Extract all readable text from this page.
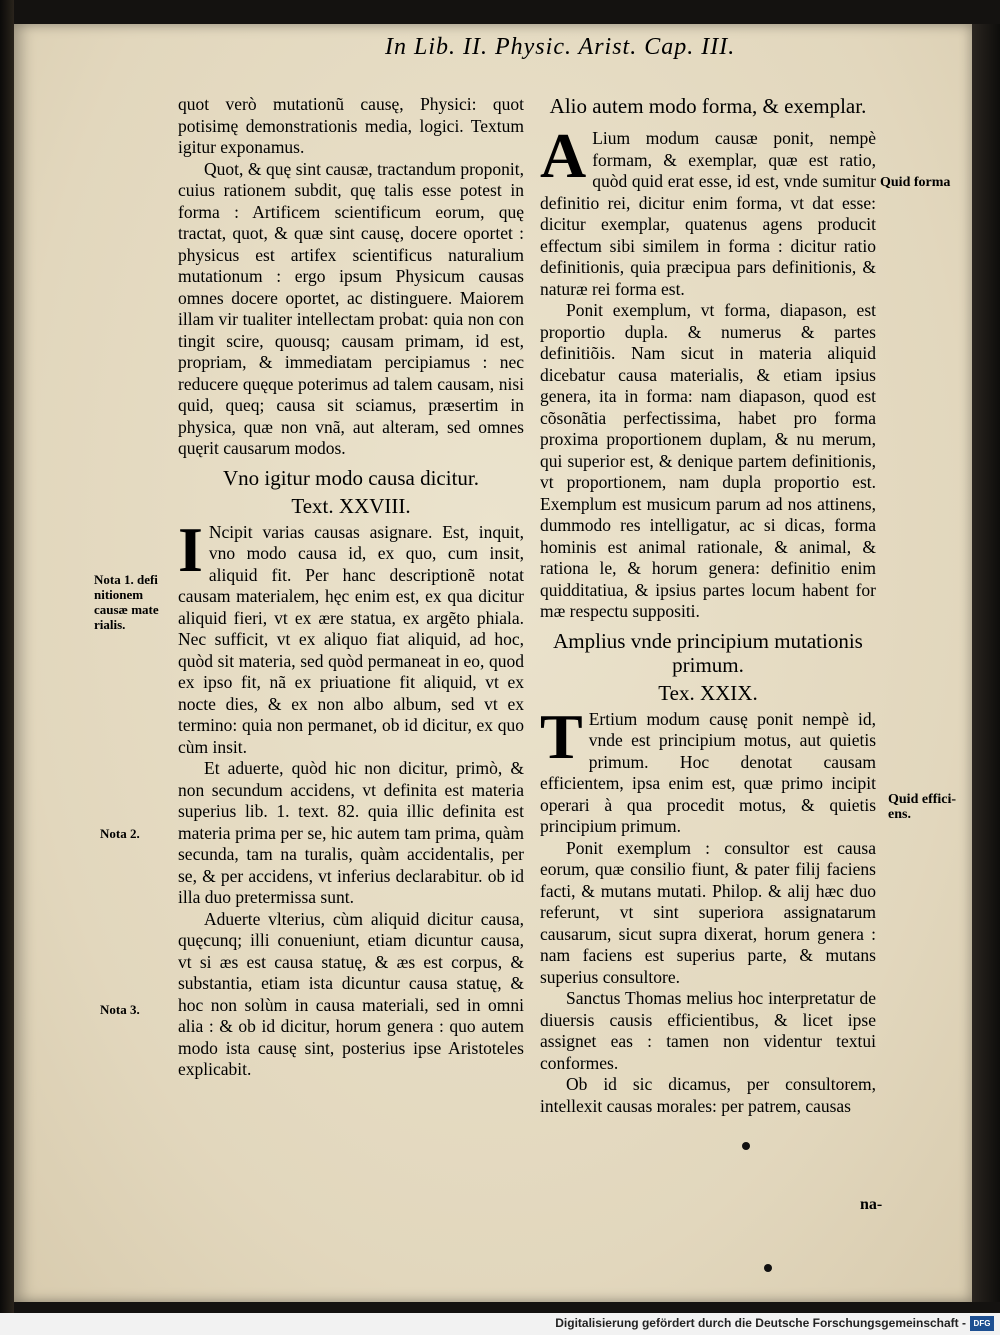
In Lib. II. Physic. Arist. Cap. III.

quot verò mutationũ causę, Physici: quot potisimę demonstrationis media, logici. Textum igitur exponamus.

Quot, & quę sint causæ, tractandum proponit, cuius rationem subdit, quę talis esse potest in forma : Artificem scientificum eorum, quę tractat, quot, & quæ sint causę, docere oportet : physicus est artifex scientificus naturalium mutationum : ergo ipsum Physicum causas omnes docere oportet, ac distinguere. Maiorem illam vir tualiter intellectam probat: quia non con tingit scire, quousq; causam primam, id est, propriam, & immediatam percipiamus : nec reducere quęque poterimus ad talem causam, nisi quid, queq; causa sit sciamus, præsertim in physica, quæ non vnã, aut alteram, sed omnes quęrit causarum modos.

Vno igitur modo causa dicitur.
Text. XXVIII.
I Ncipit varias causas asignare. Est, inquit, vno modo causa id, ex quo, cum insit, aliquid fit. Per hanc descriptionẽ notat causam materialem, hęc enim est, ex qua dicitur aliquid fieri, vt ex ære statua, ex argẽto phiala. Nec sufficit, vt ex aliquo fiat aliquid, ad hoc, quòd sit materia, sed quòd permaneat in eo, quod ex ipso fit, nã ex priuatione fit aliquid, vt ex nocte dies, & ex non albo album, sed vt ex termino: quia non permanet, ob id dicitur, ex quo cùm insit.

Et aduerte, quòd hic non dicitur, primò, & non secundum accidens, vt definita est materia superius lib. 1. text. 82. quia illic definita est materia prima per se, hic autem tam prima, quàm secunda, tam na turalis, quàm accidentalis, per se, & per accidens, vt inferius declarabitur. ob id illa duo pretermissa sunt.

Aduerte vlterius, cùm aliquid dicitur causa, quęcunq; illi conueniunt, etiam dicuntur causa, vt si æs est causa statuę, & æs est corpus, & substantia, etiam ista dicuntur causa statuę, & hoc non solùm in causa materiali, sed in omni alia : & ob id dicitur, horum genera : quo autem modo ista causę sint, posterius ipse Aristoteles explicabit.

Alio autem modo forma, & exemplar.
A Lium modum causæ ponit, nempè formam, & exemplar, quæ est ratio, quòd quid erat esse, id est, vnde sumitur definitio rei, dicitur enim forma, vt dat esse: dicitur exemplar, quatenus agens producit effectum sibi similem in forma : dicitur ratio definitionis, quia præcipua pars definitionis, & naturæ rei forma est.

Ponit exemplum, vt forma, diapason, est proportio dupla. & numerus & partes definitiõis. Nam sicut in materia aliquid dicebatur causa materialis, & etiam ipsius genera, ita in forma: nam diapason, quod est cõsonãtia perfectissima, habet pro forma proxima proportionem duplam, & nu merum, qui superior est, & denique partem definitionis, vt proportionem, nam dupla proportio est. Exemplum est musicum parum ad nos attinens, dummodo res intelligatur, ac si dicas, forma hominis est animal rationale, & animal, & rationa le, & horum genera: definitio enim quidditatiua, & ipsius partes locum habent for mæ respectu suppositi.

Amplius vnde principium mutationis primum.
Tex. XXIX.
T Ertium modum causę ponit nempè id, vnde est principium motus, aut quietis primum. Hoc denotat causam efficientem, ipsa enim est, quæ primo incipit operari à qua procedit motus, & quietis principium primum.

Ponit exemplum : consultor est causa eorum, quæ consilio fiunt, & pater filij faciens facti, & mutans mutati. Philop. & alij hæc duo referunt, vt sint superiora assignatarum causarum, sicut supra dixerat, horum genera : nam faciens est superius parte, & mutans superius consultore.

Sanctus Thomas melius hoc interpretatur de diuersis causis efficientibus, & licet ipse assignet eas : tamen non videntur textui conformes.

Ob id sic dicamus, per consultorem, intellexit causas morales: per patrem, causas

Nota 1. defi nitionem causæ mate rialis.
Nota 2.
Nota 3.
Quid forma
Quid effici- ens.
na-
Digitalisierung gefördert durch die Deutsche Forschungsgemeinschaft - DFG
